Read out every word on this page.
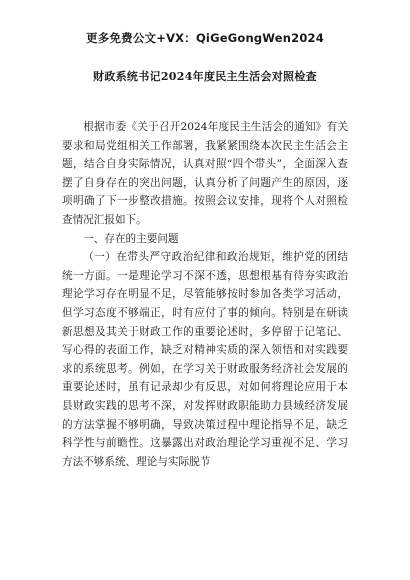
更多免费公文+VX：QiGeGongWen2024
财政系统书记2024年度民主生活会对照检查

根据市委《关于召开2024年度民主生活会的通知》有关要求和局党组相关工作部署，我紧紧围绕本次民主生活会主题，结合自身实际情况，认真对照“四个带头”，全面深入查摆了自身存在的突出问题，认真分析了问题产生的原因，逐项明确了下一步整改措施。按照会议安排，现将个人对照检查情况汇报如下。

一、存在的主要问题

（一）在带头严守政治纪律和政治规矩，维护党的团结统一方面。一是理论学习不深不透，思想根基有待夯实政治理论学习存在明显不足，尽管能够按时参加各类学习活动，但学习态度不够端正，时有应付了事的倾向。特别是在研读新思想及其关于财政工作的重要论述时，多停留于记笔记、写心得的表面工作，缺乏对精神实质的深入领悟和对实践要求的系统思考。例如，在学习关于财政服务经济社会发展的重要论述时，虽有记录却少有反思，对如何将理论应用于本县财政实践的思考不深，对发挥财政职能助力县域经济发展的方法掌握不够明确，导致决策过程中理论指导不足，缺乏科学性与前瞻性。这暴露出对政治理论学习重视不足、学习方法不够系统、理论与实际脱节
